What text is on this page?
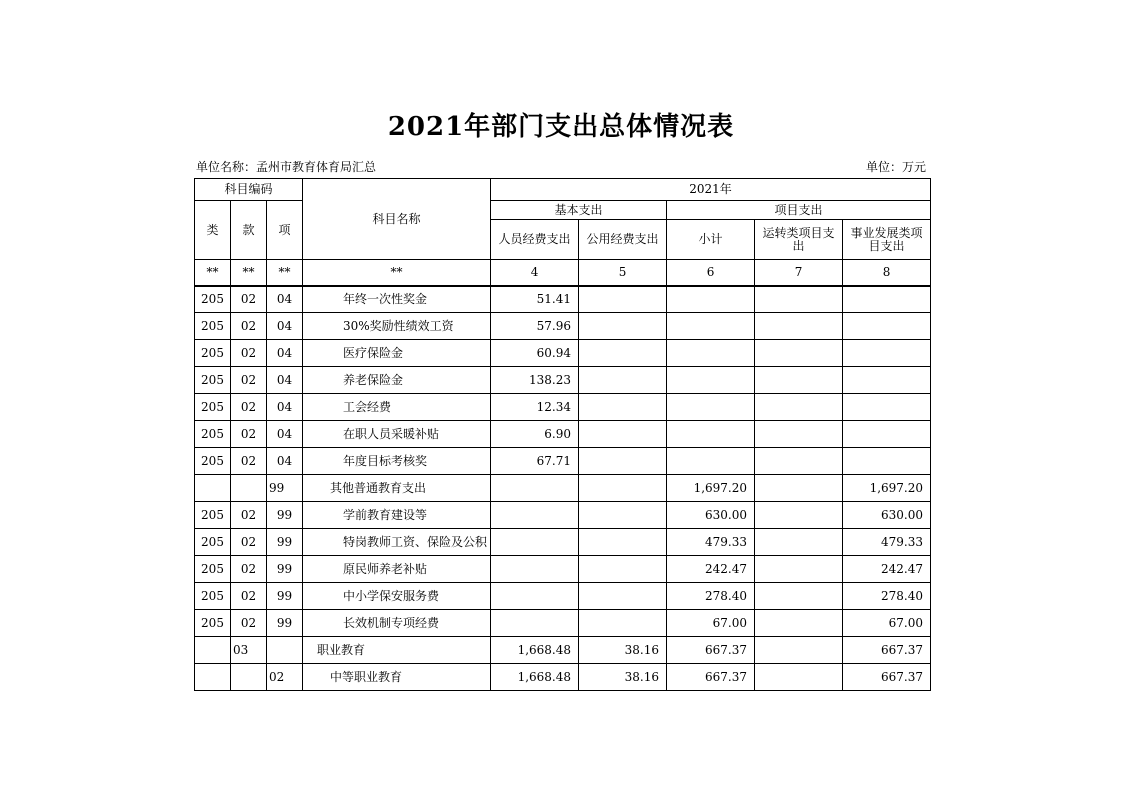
2021年部门支出总体情况表
单位名称：孟州市教育体育局汇总	单位：万元
科目编码			科目名称	2021年				
类	款	项		基本支出		项目支出		
				人员经费支出	公用经费支出	小计	运转类项目支出	事业发展类项目支出
**	**	**	**	4	5	6	7	8
205	02	04	年终一次性奖金	51.41				
205	02	04	30%奖励性绩效工资	57.96				
205	02	04	医疗保险金	60.94				
205	02	04	养老保险金	138.23				
205	02	04	工会经费	12.34				
205	02	04	在职人员采暖补贴	6.90				
205	02	04	年度目标考核奖	67.71				
		99	其他普通教育支出			1,697.20		1,697.20
205	02	99	学前教育建设等			630.00		630.00
205	02	99	特岗教师工资、保险及公积			479.33		479.33
205	02	99	原民师养老补贴			242.47		242.47
205	02	99	中小学保安服务费			278.40		278.40
205	02	99	长效机制专项经费			67.00		67.00
	03		职业教育	1,668.48	38.16	667.37		667.37
		02	中等职业教育	1,668.48	38.16	667.37		667.37
